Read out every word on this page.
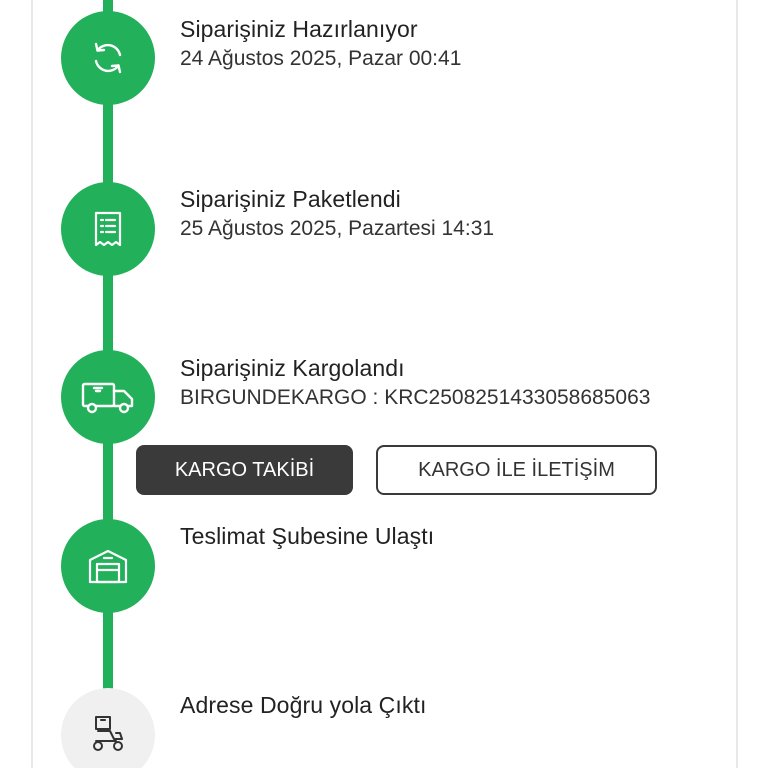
Siparişiniz Hazırlanıyor
24 Ağustos 2025, Pazar 00:41
Siparişiniz Paketlendi
25 Ağustos 2025, Pazartesi 14:31
Siparişiniz Kargolandı
BIRGUNDEKARGO : KRC2508251433058685063
KARGO TAKİBİ	KARGO İLE İLETİŞİM
Teslimat Şubesine Ulaştı
Adrese Doğru yola Çıktı
